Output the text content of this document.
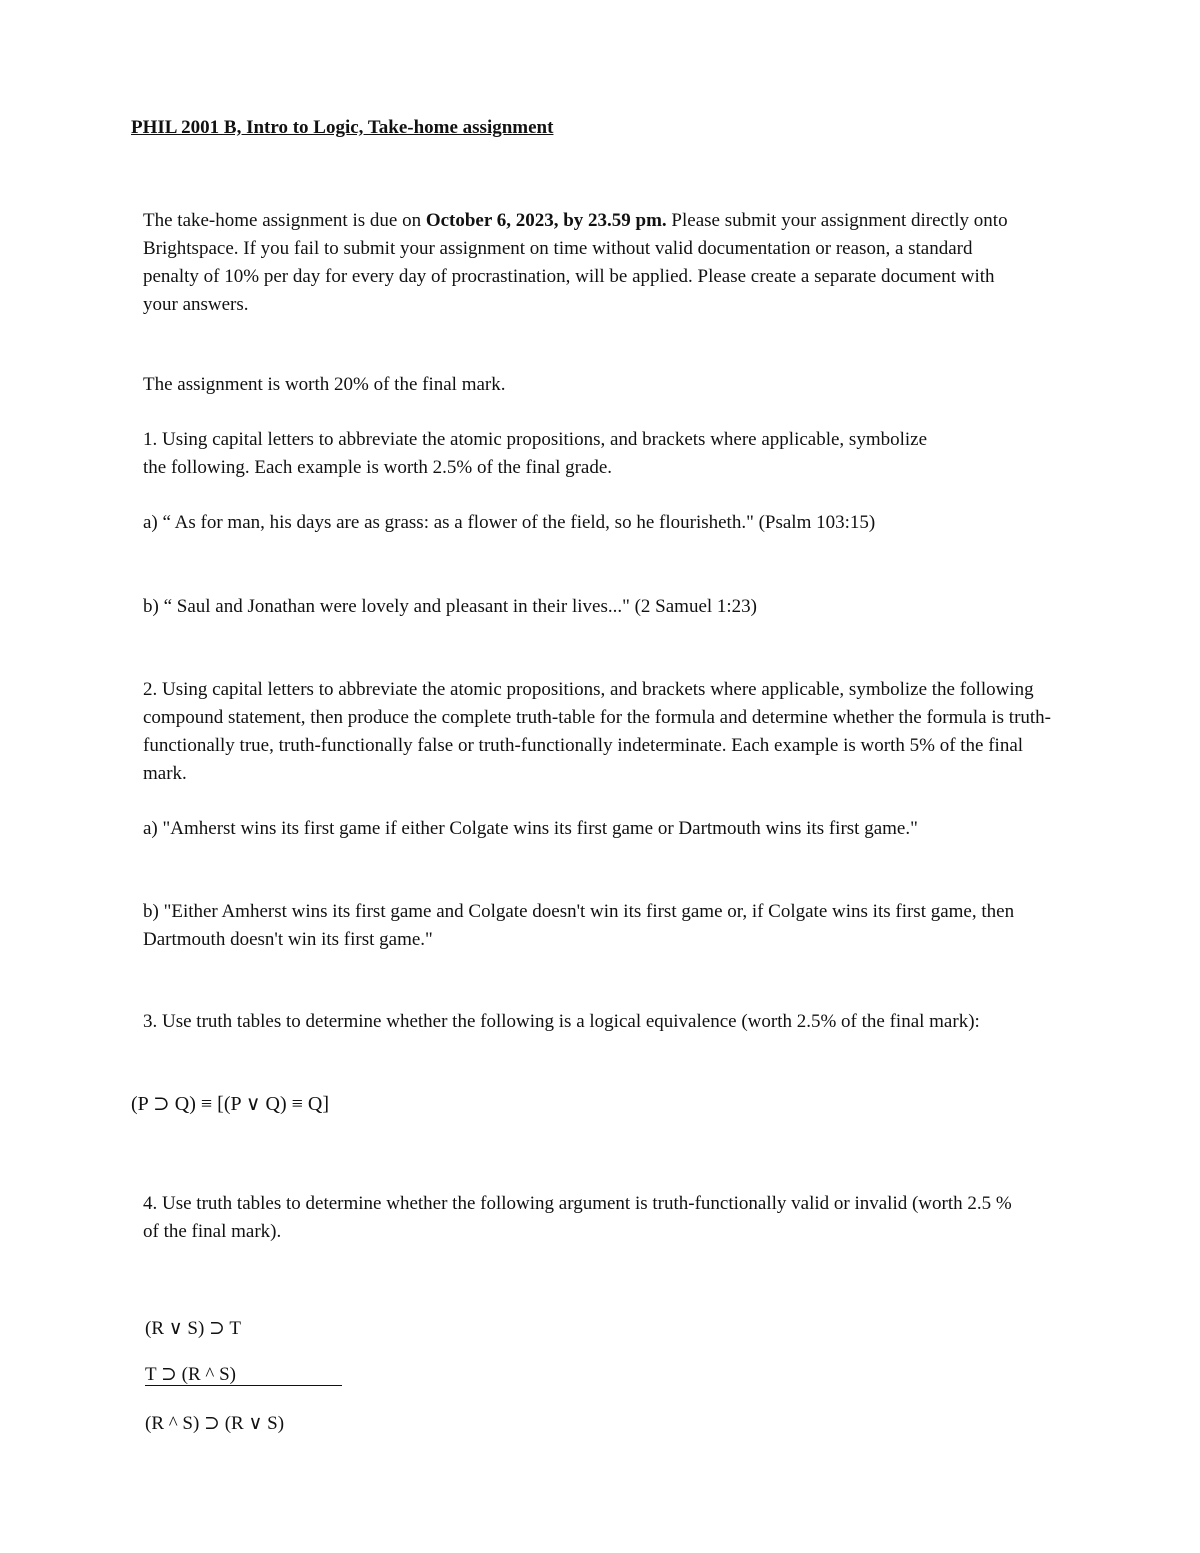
PHIL 2001 B, Intro to Logic, Take-home assignment

The take-home assignment is due on October 6, 2023, by 23.59 pm. Please submit your assignment directly onto Brightspace. If you fail to submit your assignment on time without valid documentation or reason, a standard penalty of 10% per day for every day of procrastination, will be applied. Please create a separate document with your answers.

The assignment is worth 20% of the final mark.

1. Using capital letters to abbreviate the atomic propositions, and brackets where applicable, symbolize the following. Each example is worth 2.5% of the final grade.

a) “ As for man, his days are as grass: as a flower of the field, so he flourisheth." (Psalm 103:15)

b) “ Saul and Jonathan were lovely and pleasant in their lives..." (2 Samuel 1:23)

2. Using capital letters to abbreviate the atomic propositions, and brackets where applicable, symbolize the following compound statement, then produce the complete truth-table for the formula and determine whether the formula is truth-functionally true, truth-functionally false or truth-functionally indeterminate. Each example is worth 5% of the final mark.

a) "Amherst wins its first game if either Colgate wins its first game or Dartmouth wins its first game."

b) "Either Amherst wins its first game and Colgate doesn't win its first game or, if Colgate wins its first game, then Dartmouth doesn't win its first game."

3. Use truth tables to determine whether the following is a logical equivalence (worth 2.5% of the final mark):

(P ⊃ Q) ≡ [(P ∨ Q) ≡ Q]

4. Use truth tables to determine whether the following argument is truth-functionally valid or invalid (worth 2.5 % of the final mark).

(R ∨ S) ⊃ T
T ⊃ (R ^ S)
(R ^ S) ⊃ (R ∨ S)
